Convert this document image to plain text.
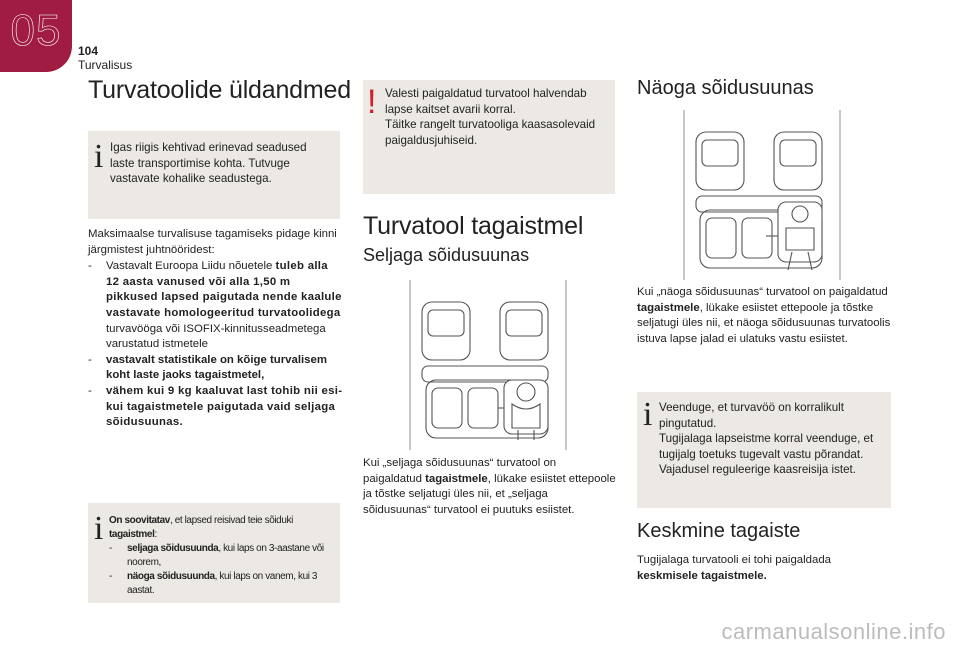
05	104
Turvalisus
Turvatoolide üldandmed
i Igas riigis kehtivad erinevad seadused laste transportimise kohta. Tutvuge vastavate kohalike seadustega.

Maksimaalse turvalisuse tagamiseks pidage kinni järgmistest juhtnööridest:

- Vastavalt Euroopa Liidu nõuetele tuleb alla 12 aasta vanused või alla 1,50 m pikkused lapsed paigutada nende kaalule vastavate homologeeritud turvatoolidega turvavööga või ISOFIX-kinnitusseadmetega varustatud istmetele
- vastavalt statistikale on kõige turvalisem koht laste jaoks tagaistmetel,
- vähem kui 9 kg kaaluvat last tohib nii esi- kui tagaistmetele paigutada vaid seljaga sõidusuunas.
i On soovitatav, et lapsed reisivad teie sõiduki tagaistmel:
- seljaga sõidusuunda, kui laps on 3-aastane või noorem,
- näoga sõidusuunda, kui laps on vanem, kui 3 aastat.
! Valesti paigaldatud turvatool halvendab lapse kaitset avarii korral.
Täitke rangelt turvatooliga kaasasolevaid paigaldusjuhiseid.

Turvatool tagaistmel
Seljaga sõidusuunas

Kui „seljaga sõidusuunas“ turvatool on paigaldatud tagaistmele, lükake esiistet ettepoole ja tõstke seljatugi üles nii, et „seljaga sõidusuunas“ turvatool ei puutuks esiistet.

Näoga sõidusuunas

Kui „näoga sõidusuunas“ turvatool on paigaldatud tagaistmele, lükake esiistet ettepoole ja tõstke seljatugi üles nii, et näoga sõidusuunas turvatoolis istuva lapse jalad ei ulatuks vastu esiistet.

i Veenduge, et turvavöö on korralikult pingutatud.
Tugijalaga lapseistme korral veenduge, et tugijalg toetuks tugevalt vastu põrandat. Vajadusel reguleerige kaasreisija istet.

Keskmine tagaiste

Tugijalaga turvatooli ei tohi paigaldada keskmisele tagaistmele.

carmanualsonline.info
